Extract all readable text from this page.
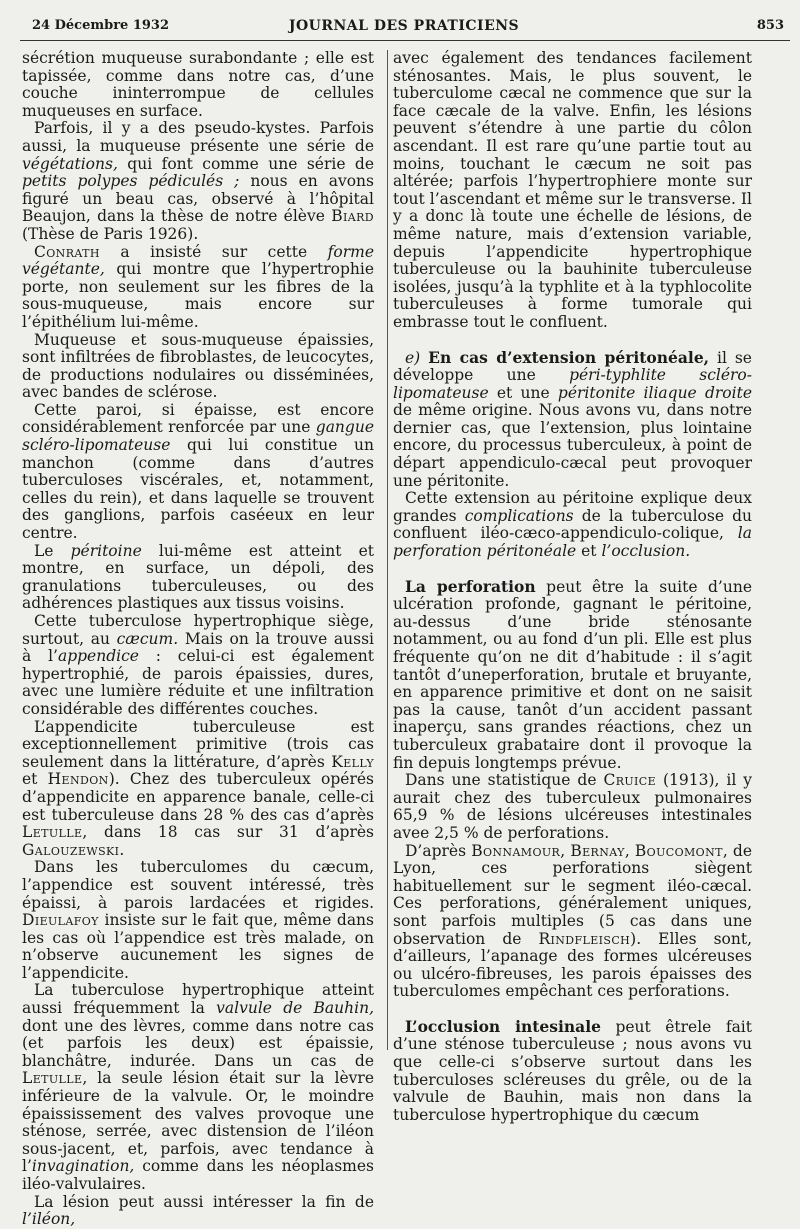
24 Décembre 1932	JOURNAL DES PRATICIENS	853

sécrétion muqueuse surabondante ; elle est tapissée, comme dans notre cas, d’une couche ininterrompue de cellules muqueuses en surface.

Parfois, il y a des pseudo-kystes. Parfois aussi, la muqueuse présente une série de végétations, qui font comme une série de petits polypes pédiculés ; nous en avons figuré un beau cas, observé à l’hôpital Beaujon, dans la thèse de notre élève Biard (Thèse de Paris 1926).

Conrath a insisté sur cette forme végétante, qui montre que l’hypertrophie porte, non seulement sur les fibres de la sous-muqueuse, mais encore sur l’épithélium lui-même.

Muqueuse et sous-muqueuse épaissies, sont infiltrées de fibroblastes, de leucocytes, de productions nodulaires ou disséminées, avec bandes de sclérose.

Cette paroi, si épaisse, est encore considérablement renforcée par une gangue scléro-lipomateuse qui lui constitue un manchon (comme dans d’autres tuberculoses viscérales, et, notamment, celles du rein), et dans laquelle se trouvent des ganglions, parfois caséeux en leur centre.

Le péritoine lui-même est atteint et montre, en surface, un dépoli, des granulations tuberculeuses, ou des adhérences plastiques aux tissus voisins.

Cette tuberculose hypertrophique siège, surtout, au cæcum. Mais on la trouve aussi à l’appendice : celui-ci est également hypertrophié, de parois épaissies, dures, avec une lumière réduite et une infiltration considérable des différentes couches.

L’appendicite tuberculeuse est exceptionnellement primitive (trois cas seulement dans la littérature, d’après Kelly et Hendon). Chez des tuberculeux opérés d’appendicite en apparence banale, celle-ci est tuberculeuse dans 28 % des cas d’après Letulle, dans 18 cas sur 31 d’après Galouzewski.

Dans les tuberculomes du cæcum, l’appendice est souvent intéressé, très épaissi, à parois lardacées et rigides. Dieulafoy insiste sur le fait que, même dans les cas où l’appendice est très malade, on n’observe aucunement les signes de l’appendicite.

La tuberculose hypertrophique atteint aussi fréquemment la valvule de Bauhin, dont une des lèvres, comme dans notre cas (et parfois les deux) est épaissie, blanchâtre, indurée. Dans un cas de Letulle, la seule lésion était sur la lèvre inférieure de la valvule. Or, le moindre épaississement des valves provoque une sténose, serrée, avec distension de l’iléon sous-jacent, et, parfois, avec tendance à l’invagination, comme dans les néoplasmes iléo-valvulaires.

La lésion peut aussi intéresser la fin de l’iléon,

avec également des tendances facilement sténosantes. Mais, le plus souvent, le tuberculome cæcal ne commence que sur la face cæcale de la valve. Enfin, les lésions peuvent s’étendre à une partie du côlon ascendant. Il est rare qu’une partie tout au moins, touchant le cæcum ne soit pas altérée; parfois l’hypertrophiere monte sur tout l’ascendant et même sur le transverse. Il y a donc là toute une échelle de lésions, de même nature, mais d’extension variable, depuis l’appendicite hypertrophique tuberculeuse ou la bauhinite tuberculeuse isolées, jusqu’à la typhlite et à la typhlocolite tuberculeuses à forme tumorale qui embrasse tout le confluent.

e) En cas d’extension péritonéale, il se développe une péri-typhlite scléro-lipomateuse et une péritonite iliaque droite de même origine. Nous avons vu, dans notre dernier cas, que l’extension, plus lointaine encore, du processus tuberculeux, à point de départ appendiculo-cæcal peut provoquer une péritonite.

Cette extension au péritoine explique deux grandes complications de la tuberculose du confluent iléo-cæco-appendiculo-colique, la perforation péritonéale et l’occlusion.

La perforation peut être la suite d’une ulcération profonde, gagnant le péritoine, au-dessus d’une bride sténosante notamment, ou au fond d’un pli. Elle est plus fréquente qu’on ne dit d’habitude : il s’agit tantôt d’uneperforation, brutale et bruyante, en apparence primitive et dont on ne saisit pas la cause, tanôt d’un accident passant inaperçu, sans grandes réactions, chez un tuberculeux grabataire dont il provoque la fin depuis longtemps prévue.

Dans une statistique de Cruice (1913), il y aurait chez des tuberculeux pulmonaires 65,9 % de lésions ulcéreuses intestinales avee 2,5 % de perforations.

D’après Bonnamour, Bernay, Boucomont, de Lyon, ces perforations siègent habituellement sur le segment iléo-cæcal. Ces perforations, généralement uniques, sont parfois multiples (5 cas dans une observation de Rindfleisch). Elles sont, d’ailleurs, l’apanage des formes ulcéreuses ou ulcéro-fibreuses, les parois épaisses des tuberculomes empêchant ces perforations.

L’occlusion intesinale peut êtrele fait d’une sténose tuberculeuse ; nous avons vu que celle-ci s’observe surtout dans les tuberculoses scléreuses du grêle, ou de la valvule de Bauhin, mais non dans la tuberculose hypertrophique du cæcum
